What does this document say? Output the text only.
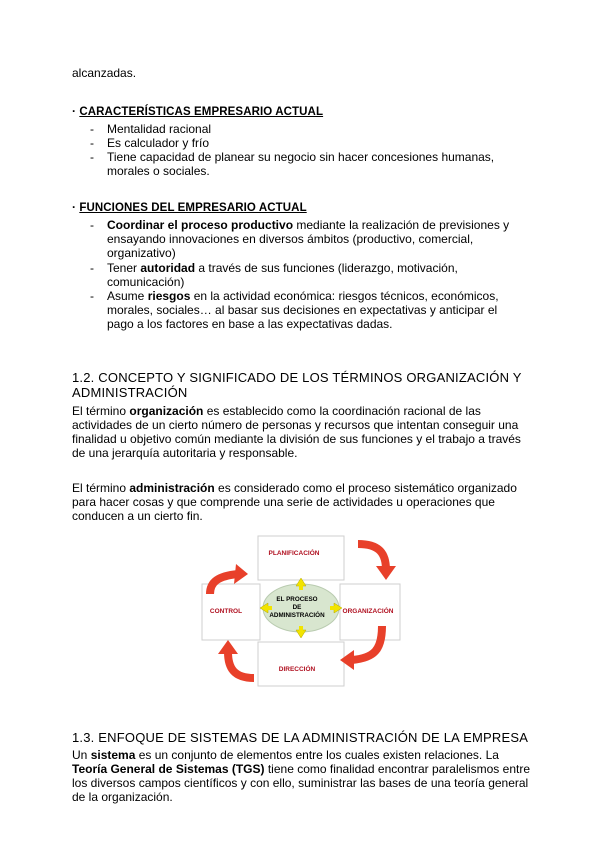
alcanzadas.
· CARACTERÍSTICAS EMPRESARIO ACTUAL
- Mentalidad racional
- Es calculador y frío
- Tiene capacidad de planear su negocio sin hacer concesiones humanas, morales o sociales.
· FUNCIONES DEL EMPRESARIO ACTUAL
- Coordinar el proceso productivo mediante la realización de previsiones y ensayando innovaciones en diversos ámbitos (productivo, comercial, organizativo)
- Tener autoridad a través de sus funciones (liderazgo, motivación, comunicación)
- Asume riesgos en la actividad económica: riesgos técnicos, económicos, morales, sociales… al basar sus decisiones en expectativas y anticipar el pago a los factores en base a las expectativas dadas.
1.2. CONCEPTO Y SIGNIFICADO DE LOS TÉRMINOS ORGANIZACIÓN Y ADMINISTRACIÓN
El término organización es establecido como la coordinación racional de las actividades de un cierto número de personas y recursos que intentan conseguir una finalidad u objetivo común mediante la división de sus funciones y el trabajo a través de una jerarquía autoritaria y responsable.
El término administración es considerado como el proceso sistemático organizado para hacer cosas y que comprende una serie de actividades u operaciones que conducen a un cierto fin.
PLANIFICACIÓN
CONTROL	ORGANIZACIÓN
DIRECCIÓN
EL PROCESO
DE
ADMINISTRACIÓN
1.3. ENFOQUE DE SISTEMAS DE LA ADMINISTRACIÓN DE LA EMPRESA
Un sistema es un conjunto de elementos entre los cuales existen relaciones. La Teoría General de Sistemas (TGS) tiene como finalidad encontrar paralelismos entre los diversos campos científicos y con ello, suministrar las bases de una teoría general de la organización.
